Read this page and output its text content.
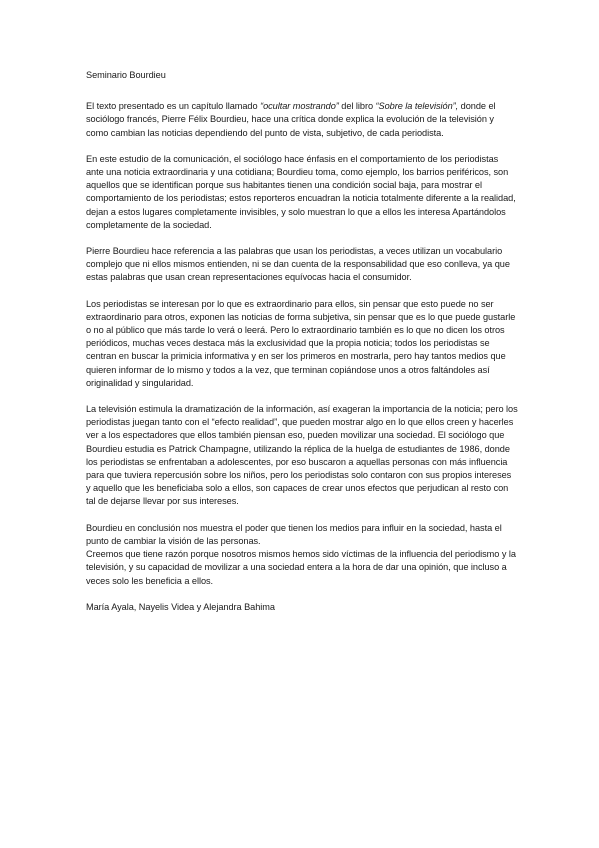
Seminario Bourdieu

El texto presentado es un capítulo llamado “ocultar mostrando” del libro “Sobre la televisión”, donde el sociólogo francés, Pierre Félix Bourdieu, hace una crítica donde explica la evolución de la televisión y como cambian las noticias dependiendo del punto de vista, subjetivo, de cada periodista.

En este estudio de la comunicación, el sociólogo hace énfasis en el comportamiento de los periodistas ante una noticia extraordinaria y una cotidiana; Bourdieu toma, como ejemplo, los barrios periféricos, son aquellos que se identifican porque sus habitantes tienen una condición social baja, para mostrar el comportamiento de los periodistas; estos reporteros encuadran la noticia totalmente diferente a la realidad, dejan a estos lugares completamente invisibles, y solo muestran lo que a ellos les interesa Apartándolos completamente de la sociedad.

Pierre Bourdieu hace referencia a las palabras que usan los periodistas, a veces utilizan un vocabulario complejo que ni ellos mismos entienden, ni se dan cuenta de la responsabilidad que eso conlleva, ya que estas palabras que usan crean representaciones equívocas hacia el consumidor.

Los periodistas se interesan por lo que es extraordinario para ellos, sin pensar que esto puede no ser extraordinario para otros, exponen las noticias de forma subjetiva, sin pensar que es lo que puede gustarle o no al público que más tarde lo verá o leerá. Pero lo extraordinario también es lo que no dicen los otros periódicos, muchas veces destaca más la exclusividad que la propia noticia; todos los periodistas se centran en buscar la primicia informativa y en ser los primeros en mostrarla, pero hay tantos medios que quieren informar de lo mismo y todos a la vez, que terminan copiándose unos a otros faltándoles así originalidad y singularidad.

La televisión estimula la dramatización de la información, así exageran la importancia de la noticia; pero los periodistas juegan tanto con el “efecto realidad”, que pueden mostrar algo en lo que ellos creen y hacerles ver a los espectadores que ellos también piensan eso, pueden movilizar una sociedad. El sociólogo que Bourdieu estudia es Patrick Champagne, utilizando la réplica de la huelga de estudiantes de 1986, donde los periodistas se enfrentaban a adolescentes, por eso buscaron a aquellas personas con más influencia para que tuviera repercusión sobre los niños, pero los periodistas solo contaron con sus propios intereses y aquello que les beneficiaba solo a ellos, son capaces de crear unos efectos que perjudican al resto con tal de dejarse llevar por sus intereses.

Bourdieu en conclusión nos muestra el poder que tienen los medios para influir en la sociedad, hasta el punto de cambiar la visión de las personas.

Creemos que tiene razón porque nosotros mismos hemos sido víctimas de la influencia del periodismo y la televisión, y su capacidad de movilizar a una sociedad entera a la hora de dar una opinión, que incluso a veces solo les beneficia a ellos.

María Ayala, Nayelis Videa y Alejandra Bahima
